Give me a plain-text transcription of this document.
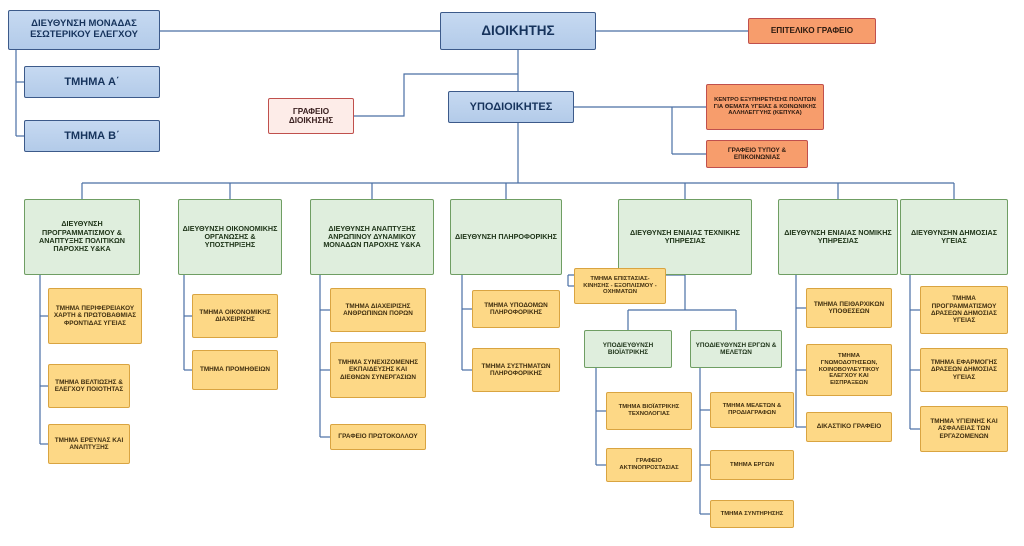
ΔΙΟΙΚΗΤΗΣ
ΔΙΕΥΘΥΝΣΗ ΜΟΝΑΔΑΣ ΕΣΩΤΕΡΙΚΟΥ ΕΛΕΓΧΟΥ
ΤΜΗΜΑ Α΄
ΤΜΗΜΑ Β΄
ΕΠΙΤΕΛΙΚΟ ΓΡΑΦΕΙΟ
ΥΠΟΔΙΟΙΚΗΤΕΣ
ΓΡΑΦΕΙΟ ΔΙΟΙΚΗΣΗΣ
ΚΕΝΤΡΟ ΕΞΥΠΗΡΕΤΗΣΗΣ ΠΟΛΙΤΩΝ ΓΙΑ ΘΕΜΑΤΑ ΥΓΕΙΑΣ & ΚΟΙΝΩΝΙΚΗΣ ΑΛΛΗΛΕΓΓΥΗΣ (ΚΕΠΥΚΑ)
ΓΡΑΦΕΙΟ ΤΥΠΟΥ & ΕΠΙΚΟΙΝΩΝΙΑΣ
ΔΙΕΥΘΥΝΣΗ ΠΡΟΓΡΑΜΜΑΤΙΣΜΟΥ & ΑΝΑΠΤΥΞΗΣ ΠΟΛΙΤΙΚΩΝ ΠΑΡΟΧΗΣ Υ&ΚΑ
ΔΙΕΥΘΥΝΣΗ ΟΙΚΟΝΟΜΙΚΗΣ ΟΡΓΑΝΩΣΗΣ & ΥΠΟΣΤΗΡΙΞΗΣ
ΔΙΕΥΘΥΝΣΗ ΑΝΑΠΤΥΞΗΣ ΑΝΡΩΠΙΝΟΥ ΔΥΝΑΜΙΚΟΥ ΜΟΝΑΔΩΝ ΠΑΡΟΧΗΣ Υ&ΚΑ
ΔΙΕΥΘΥΝΣΗ ΠΛΗΡΟΦΟΡΙΚΗΣ	ΔΙΕΥΘΥΝΣΗ ΕΝΙΑΙΑΣ ΤΕΧΝΙΚΗΣ ΥΠΗΡΕΣΙΑΣ
ΔΙΕΥΘΥΝΣΗ ΕΝΙΑΙΑΣ ΝΟΜΙΚΗΣ ΥΠΗΡΕΣΙΑΣ
ΔΙΕΥΘΥΝΣΗΝ ΔΗΜΟΣΙΑΣ ΥΓΕΙΑΣ
ΤΜΗΜΑ ΠΕΡΙΦΕΡΕΙΑΚΟΥ ΧΑΡΤΗ & ΠΡΩΤΟΒΑΘΜΙΑΣ ΦΡΟΝΤΙΔΑΣ ΥΓΕΙΑΣ
ΤΜΗΜΑ ΒΕΛΤΙΩΣΗΣ & ΕΛΕΓΧΟΥ ΠΟΙΟΤΗΤΑΣ
ΤΜΗΜΑ ΕΡΕΥΝΑΣ ΚΑΙ ΑΝΑΠΤΥΞΗΣ
ΤΜΗΜΑ ΟΙΚΟΝΟΜΙΚΗΣ ΔΙΑΧΕΙΡΙΣΗΣ
ΤΜΗΜΑ ΠΡΟΜΗΘΕΙΩΝ
ΤΜΗΜΑ ΔΙΑΧΕΙΡΙΣΗΣ ΑΝΘΡΩΠΙΝΩΝ ΠΟΡΩΝ
ΤΜΗΜΑ ΣΥΝΕΧΙΖΟΜΕΝΗΣ ΕΚΠΑΙΔΕΥΣΗΣ ΚΑΙ ΔΙΕΘΝΩΝ ΣΥΝΕΡΓΑΣΙΩΝ
ΓΡΑΦΕΙΟ ΠΡΩΤΟΚΟΛΛΟΥ
ΤΜΗΜΑ ΥΠΟΔΟΜΩΝ ΠΛΗΡΟΦΟΡΙΚΗΣ
ΤΜΗΜΑ ΣΥΣΤΗΜΑΤΩΝ ΠΛΗΡΟΦΟΡΙΚΗΣ
ΤΜΗΜΑ ΕΠΙΣΤΑΣΙΑΣ-ΚΙΝΗΣΗΣ - ΕΞΟΠΛΙΣΜΟΥ - ΟΧΗΜΑΤΩΝ
ΥΠΟΔΙΕΥΘΥΝΣΗ ΒΙΟΪΑΤΡΙΚΗΣ
ΥΠΟΔΙΕΥΘΥΝΣΗ ΕΡΓΩΝ & ΜΕΛΕΤΩΝ
ΤΜΗΜΑ ΒΙΟΪΑΤΡΙΚΗΣ ΤΕΧΝΟΛΟΓΙΑΣ
ΓΡΑΦΕΙΟ ΑΚΤΙΝΟΠΡΟΣΤΑΣΙΑΣ
ΤΜΗΜΑ ΜΕΛΕΤΩΝ & ΠΡΟΔΙΑΓΡΑΦΩΝ
ΤΜΗΜΑ ΕΡΓΩΝ
ΤΜΗΜΑ ΣΥΝΤΗΡΗΣΗΣ
ΤΜΗΜΑ ΠΕΙΘΑΡΧΙΚΩΝ ΥΠΟΘΕΣΕΩΝ
ΤΜΗΜΑ ΓΝΩΜΟΔΟΤΗΣΕΩΝ, ΚΟΙΝΟΒΟΥΛΕΥΤΙΚΟΥ ΕΛΕΓΧΟΥ ΚΑΙ ΕΙΣΠΡΑΞΕΩΝ
ΔΙΚΑΣΤΙΚΟ ΓΡΑΦΕΙΟ
ΤΜΗΜΑ ΠΡΟΓΡΑΜΜΑΤΙΣΜΟΥ ΔΡΑΣΕΩΝ ΔΗΜΟΣΙΑΣ ΥΓΕΙΑΣ
ΤΜΗΜΑ ΕΦΑΡΜΟΓΗΣ ΔΡΑΣΕΩΝ ΔΗΜΟΣΙΑΣ ΥΓΕΙΑΣ
ΤΜΗΜΑ ΥΓΙΕΙΝΗΣ ΚΑΙ ΑΣΦΑΛΕΙΑΣ ΤΩΝ ΕΡΓΑΖΟΜΕΝΩΝ
